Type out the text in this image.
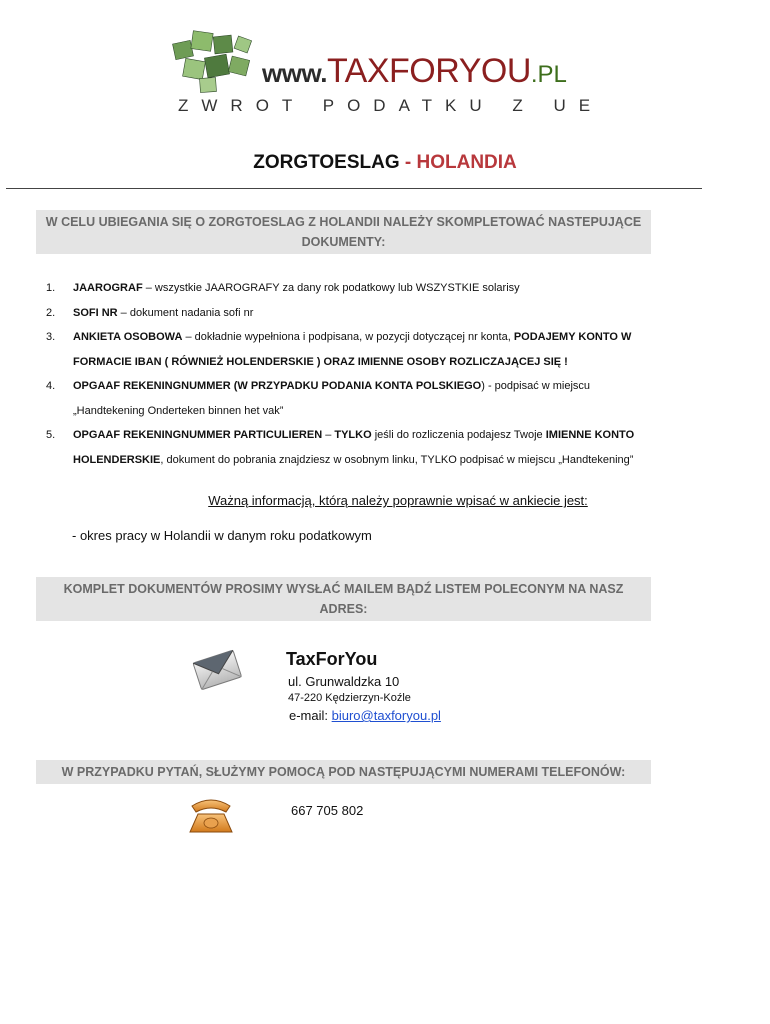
www.TAXFORYOU.PL
ZWROT PODATKU Z UE
ZORGTOESLAG - HOLANDIA
W CELU UBIEGANIA SIĘ O ZORGTOESLAG Z HOLANDII NALEŻY SKOMPLETOWAĆ NASTEPUJĄCE
DOKUMENTY:
1.	JAAROGRAF – wszystkie JAAROGRAFY za dany rok podatkowy lub WSZYSTKIE solarisy
2.	SOFI NR – dokument nadania sofi nr
3.	ANKIETA OSOBOWA – dokładnie wypełniona i podpisana, w pozycji dotyczącej nr konta, PODAJEMY KONTO W
FORMACIE IBAN ( RÓWNIEŻ HOLENDERSKIE ) ORAZ IMIENNE OSOBY ROZLICZAJĄCEJ SIĘ !
4.	OPGAAF REKENINGNUMMER (W PRZYPADKU PODANIA KONTA POLSKIEGO) - podpisać w miejscu
„Handtekening Onderteken binnen het vak”
5.	OPGAAF REKENINGNUMMER PARTICULIEREN – TYLKO jeśli do rozliczenia podajesz Twoje IMIENNE KONTO
HOLENDERSKIE, dokument do pobrania znajdziesz w osobnym linku, TYLKO podpisać w miejscu „Handtekening”
Ważną informacją, którą należy poprawnie wpisać w ankiecie jest:
- okres pracy w Holandii w danym roku podatkowym
KOMPLET DOKUMENTÓW PROSIMY WYSŁAĆ MAILEM BĄDŹ LISTEM POLECONYM NA NASZ
ADRES:
TaxForYou
ul. Grunwaldzka 10
47-220 Kędzierzyn-Koźle
e-mail: biuro@taxforyou.pl
W PRZYPADKU PYTAŃ, SŁUŻYMY POMOCĄ POD NASTĘPUJĄCYMI NUMERAMI TELEFONÓW:
667 705 802
